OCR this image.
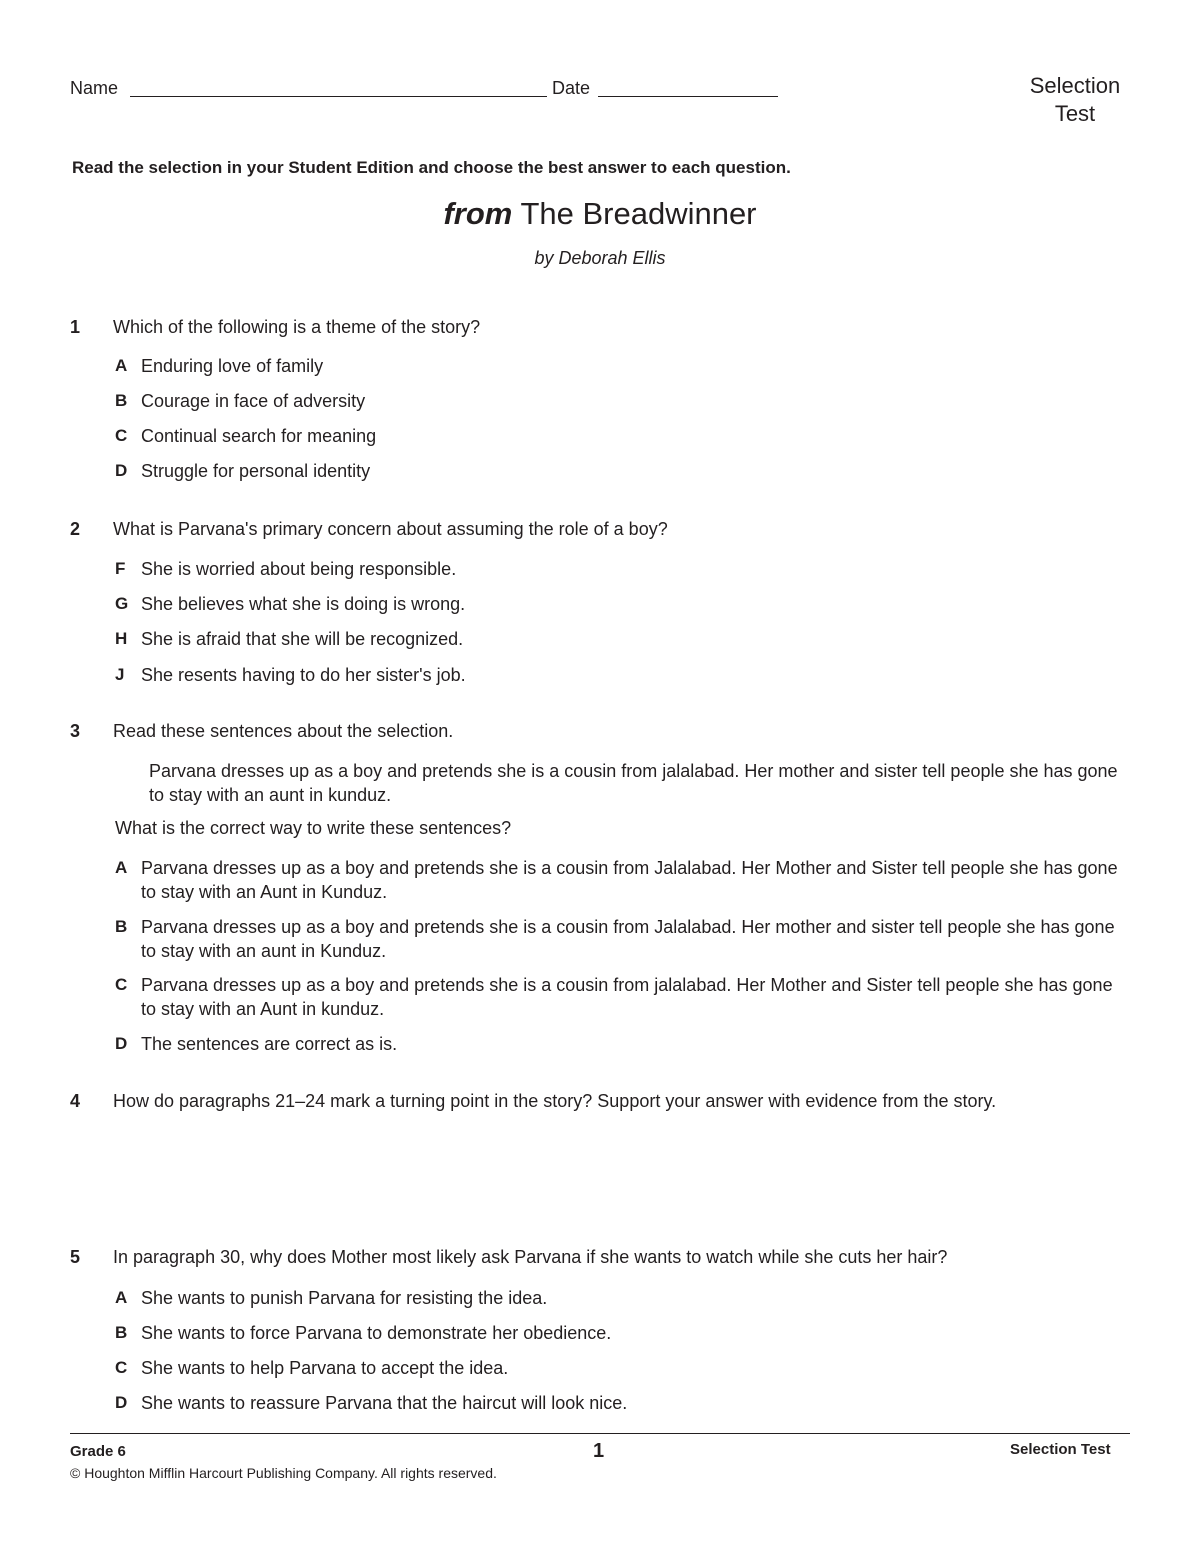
Name	Date	Selection
Test
Read the selection in your Student Edition and choose the best answer to each question.
from The Breadwinner
by Deborah Ellis
1	Which of the following is a theme of the story?
A Enduring love of family
B Courage in face of adversity
C Continual search for meaning
D Struggle for personal identity
2	What is Parvana's primary concern about assuming the role of a boy?
F She is worried about being responsible.
G She believes what she is doing is wrong.
H She is afraid that she will be recognized.
J She resents having to do her sister's job.
3	Read these sentences about the selection.
Parvana dresses up as a boy and pretends she is a cousin from jalalabad. Her mother and sister tell people she has gone to stay with an aunt in kunduz.
What is the correct way to write these sentences?
A Parvana dresses up as a boy and pretends she is a cousin from Jalalabad. Her Mother and Sister tell people she has gone to stay with an Aunt in Kunduz.
B Parvana dresses up as a boy and pretends she is a cousin from Jalalabad. Her mother and sister tell people she has gone to stay with an aunt in Kunduz.
C Parvana dresses up as a boy and pretends she is a cousin from jalalabad. Her Mother and Sister tell people she has gone to stay with an Aunt in kunduz.
D The sentences are correct as is.
4	How do paragraphs 21–24 mark a turning point in the story? Support your answer with evidence from the story.
5	In paragraph 30, why does Mother most likely ask Parvana if she wants to watch while she cuts her hair?
A She wants to punish Parvana for resisting the idea.
B She wants to force Parvana to demonstrate her obedience.
C She wants to help Parvana to accept the idea.
D She wants to reassure Parvana that the haircut will look nice.
Grade 6	1	Selection Test
© Houghton Mifflin Harcourt Publishing Company. All rights reserved.
